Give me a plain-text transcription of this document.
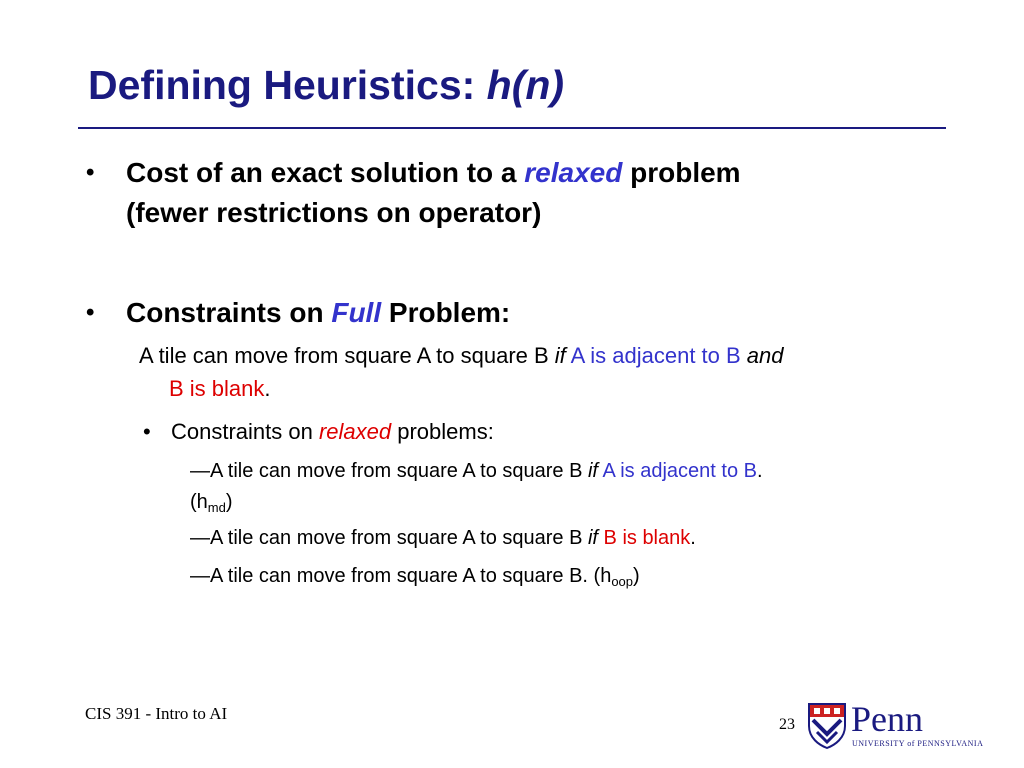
Defining Heuristics: h(n)
• Cost of an exact solution to a relaxed problem
(fewer restrictions on operator)
• Constraints on Full Problem:
A tile can move from square A to square B if A is adjacent to B and
B is blank.
• Constraints on relaxed problems:
—A tile can move from square A to square B if A is adjacent to B.
$(h_{md})$
—A tile can move from square A to square B if B is blank.
—A tile can move from square A to square B. $(h_{oop})$
CIS 391 - Intro to AI
23 Penn
UNIVERSITY of PENNSYLVANIA
